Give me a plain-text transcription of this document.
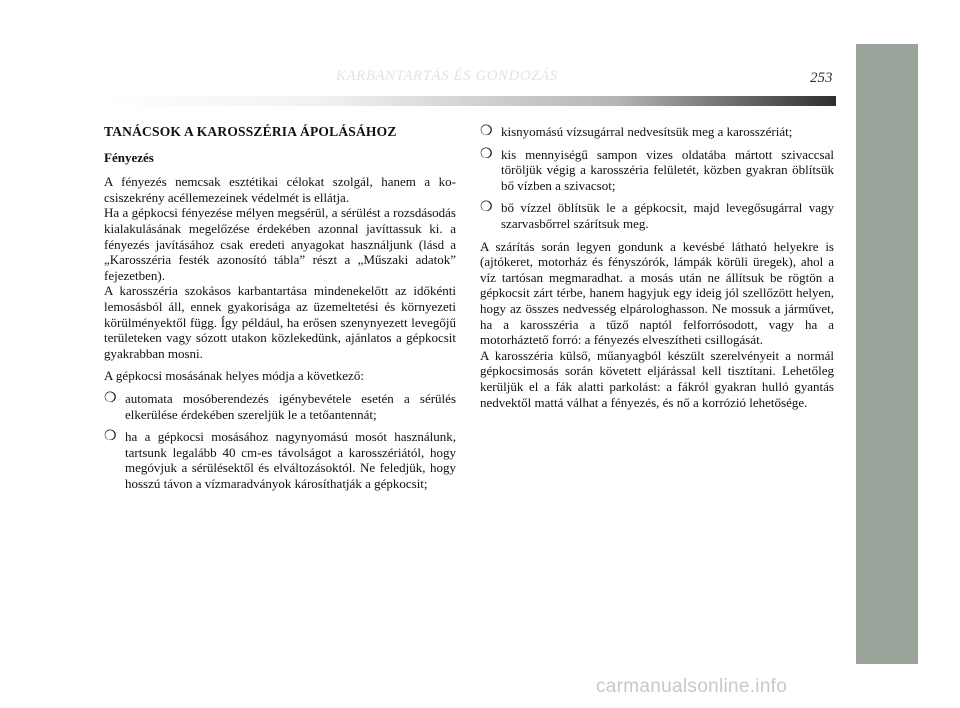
KARBANTARTÁS ÉS GONDOZÁS	253
TANÁCSOK A KAROSSZÉRIA ÁPOLÁSÁHOZ
Fényezés

A fényezés nemcsak esztétikai célokat szolgál, hanem a kocsiszekrény acéllemezeinek védelmét is ellátja.

Ha a gépkocsi fényezése mélyen megsérül, a sérülést a rozsdásodás kialakulásának megelőzése érdekében azonnal javíttassuk ki. a fényezés javításához csak eredeti anyagokat használjunk (lásd a „Karosszéria festék azonosító tábla” részt a „Műszaki adatok” fejezetben).

A karosszéria szokásos karbantartása mindenekelőtt az időkénti lemosásból áll, ennek gyakorisága az üzemeltetési és környezeti körülményektől függ. Így például, ha erősen szenynyezett levegőjű területeken vagy sózott utakon közlekedünk, ajánlatos a gépkocsit gyakrabban mosni.

A gépkocsi mosásának helyes módja a következő:

❍ automata mosóberendezés igénybevétele esetén a sérülés elkerülése érdekében szereljük le a tetőantennát;
❍ ha a gépkocsi mosásához nagynyomású mosót használunk, tartsunk legalább 40 cm-es távolságot a karosszériától, hogy megóvjuk a sérülésektől és elváltozásoktól. Ne feledjük, hogy hosszú távon a vízmaradványok károsíthatják a gépkocsit;
❍ kisnyomású vízsugárral nedvesítsük meg a karosszériát;
❍ kis mennyiségű sampon vizes oldatába mártott szivaccsal töröljük végig a karosszéria felületét, közben gyakran öblítsük bő vízben a szivacsot;
❍ bő vízzel öblítsük le a gépkocsit, majd levegősugárral vagy szarvasbőrrel szárítsuk meg.

A szárítás során legyen gondunk a kevésbé látható helyekre is (ajtókeret, motorház és fényszórók, lámpák körüli üregek), ahol a víz tartósan megmaradhat. a mosás után ne állítsuk be rögtön a gépkocsit zárt térbe, hanem hagyjuk egy ideig jól szellőzött helyen, hogy az összes nedvesség elpárologhasson. Ne mossuk a járművet, ha a karosszéria a tűző naptól felforrósodott, vagy ha a motorháztető forró: a fényezés elveszítheti csillogását.

A karosszéria külső, műanyagból készült szerelvényeit a normál gépkocsimosás során követett eljárással kell tisztítani. Lehetőleg kerüljük el a fák alatti parkolást: a fákról gyakran hulló gyantás nedvektől mattá válhat a fényezés, és nő a korrózió lehetősége.

carmanualsonline.info
